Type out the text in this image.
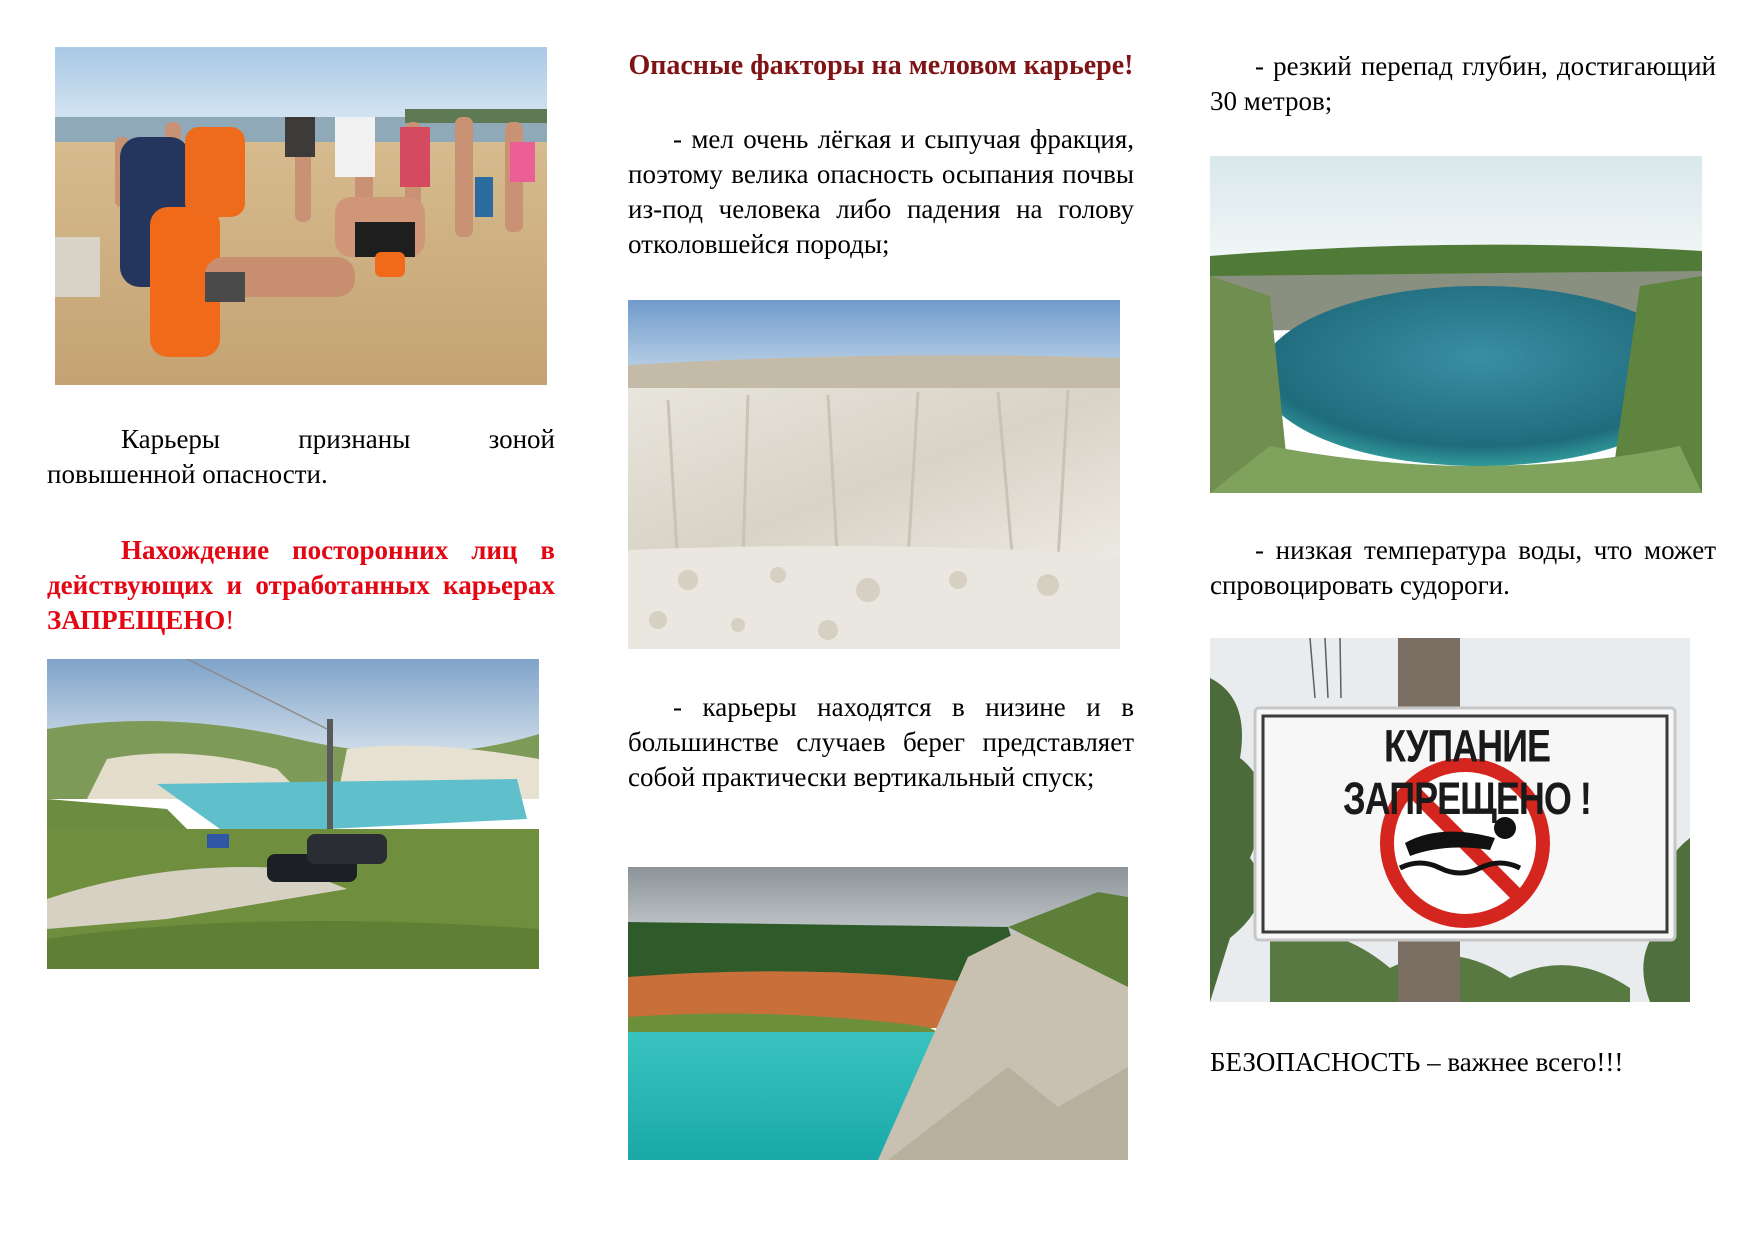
Карьеры признаны зоной повышенной опасности.

Нахождение посторонних лиц в действующих и отработанных карьерах ЗАПРЕЩЕНО!

Опасные факторы на меловом карьере!

- мел очень лёгкая и сыпучая фракция, поэтому велика опасность осыпания почвы из-под человека либо падения на голову отколовшейся породы;

- карьеры находятся в низине и в большинстве случаев берег представляет собой практически вертикальный спуск;

- резкий перепад глубин, достигающий 30 метров;

- низкая температура воды, что может спровоцировать судороги.

КУПАНИЕ ЗАПРЕЩЕНО !
БЕЗОПАСНОСТЬ – важнее всего!!!
